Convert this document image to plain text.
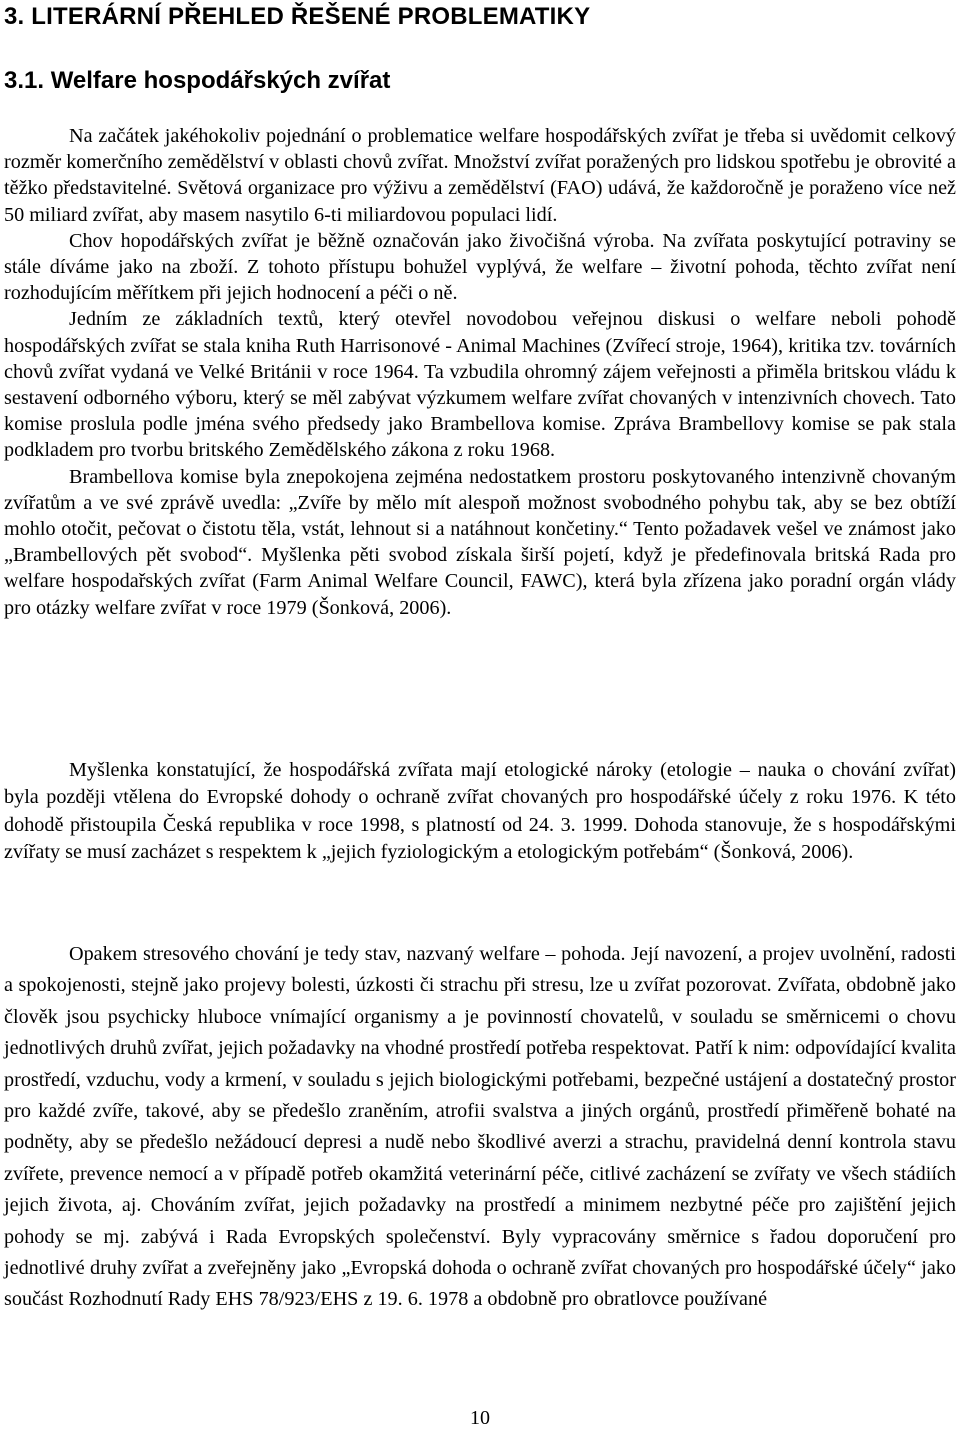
3. LITERÁRNÍ PŘEHLED ŘEŠENÉ PROBLEMATIKY
3.1. Welfare hospodářských zvířat

Na začátek jakéhokoliv pojednání o problematice welfare hospodářských zvířat je třeba si uvědomit celkový rozměr komerčního zemědělství v oblasti chovů zvířat. Množství zvířat poražených pro lidskou spotřebu je obrovité a těžko představitelné. Světová organizace pro výživu a zemědělství (FAO) udává, že každoročně je poraženo více než 50 miliard zvířat, aby masem nasytilo 6-ti miliardovou populaci lidí.

Chov hopodářských zvířat je běžně označován jako živočišná výroba. Na zvířata poskytující potraviny se stále díváme jako na zboží. Z tohoto přístupu bohužel vyplývá, že welfare – životní pohoda, těchto zvířat není rozhodujícím měřítkem při jejich hodnocení a péči o ně.

Jedním ze základních textů, který otevřel novodobou veřejnou diskusi o welfare neboli pohodě hospodářských zvířat se stala kniha Ruth Harrisonové - Animal Machines (Zvířecí stroje, 1964), kritika tzv. továrních chovů zvířat vydaná ve Velké Británii v roce 1964. Ta vzbudila ohromný zájem veřejnosti a přiměla britskou vládu k sestavení odborného výboru, který se měl zabývat výzkumem welfare zvířat chovaných v intenzivních chovech. Tato komise proslula podle jména svého předsedy jako Brambellova komise. Zpráva Brambellovy komise se pak stala podkladem pro tvorbu britského Zemědělského zákona z roku 1968.

Brambellova komise byla znepokojena zejména nedostatkem prostoru poskytovaného intenzivně chovaným zvířatům a ve své zprávě uvedla: „Zvíře by mělo mít alespoň možnost svobodného pohybu tak, aby se bez obtíží mohlo otočit, pečovat o čistotu těla, vstát, lehnout si a natáhnout končetiny.“ Tento požadavek vešel ve známost jako „Brambellových pět svobod“. Myšlenka pěti svobod získala širší pojetí, když je předefinovala britská Rada pro welfare hospodařských zvířat (Farm Animal Welfare Council, FAWC), která byla zřízena jako poradní orgán vlády pro otázky welfare zvířat v roce 1979 (Šonková, 2006).

Myšlenka konstatující, že hospodářská zvířata mají etologické nároky (etologie – nauka o chování zvířat) byla později vtělena do Evropské dohody o ochraně zvířat chovaných pro hospodářské účely z roku 1976. K této dohodě přistoupila Česká republika v roce 1998, s platností od 24. 3. 1999. Dohoda stanovuje, že s hospodářskými zvířaty se musí zacházet s respektem k „jejich fyziologickým a etologickým potřebám“ (Šonková, 2006).

Opakem stresového chování je tedy stav, nazvaný welfare – pohoda. Její navození, a projev uvolnění, radosti a spokojenosti, stejně jako projevy bolesti, úzkosti či strachu při stresu, lze u zvířat pozorovat. Zvířata, obdobně jako člověk jsou psychicky hluboce vnímající organismy a je povinností chovatelů, v souladu se směrnicemi o chovu jednotlivých druhů zvířat, jejich požadavky na vhodné prostředí potřeba respektovat. Patří k nim: odpovídající kvalita prostředí, vzduchu, vody a krmení, v souladu s jejich biologickými potřebami, bezpečné ustájení a dostatečný prostor pro každé zvíře, takové, aby se předešlo zraněním, atrofii svalstva a jiných orgánů, prostředí přiměřeně bohaté na podněty, aby se předešlo nežádoucí depresi a nudě nebo škodlivé averzi a strachu, pravidelná denní kontrola stavu zvířete, prevence nemocí a v případě potřeb okamžitá veterinární péče, citlivé zacházení se zvířaty ve všech stádiích jejich života, aj. Chováním zvířat, jejich požadavky na prostředí a minimem nezbytné péče pro zajištění jejich pohody se mj. zabývá i Rada Evropských společenství. Byly vypracovány směrnice s řadou doporučení pro jednotlivé druhy zvířat a zveřejněny jako „Evropská dohoda o ochraně zvířat chovaných pro hospodářské účely“ jako součást Rozhodnutí Rady EHS 78/923/EHS z 19. 6. 1978 a obdobně pro obratlovce používané

10
